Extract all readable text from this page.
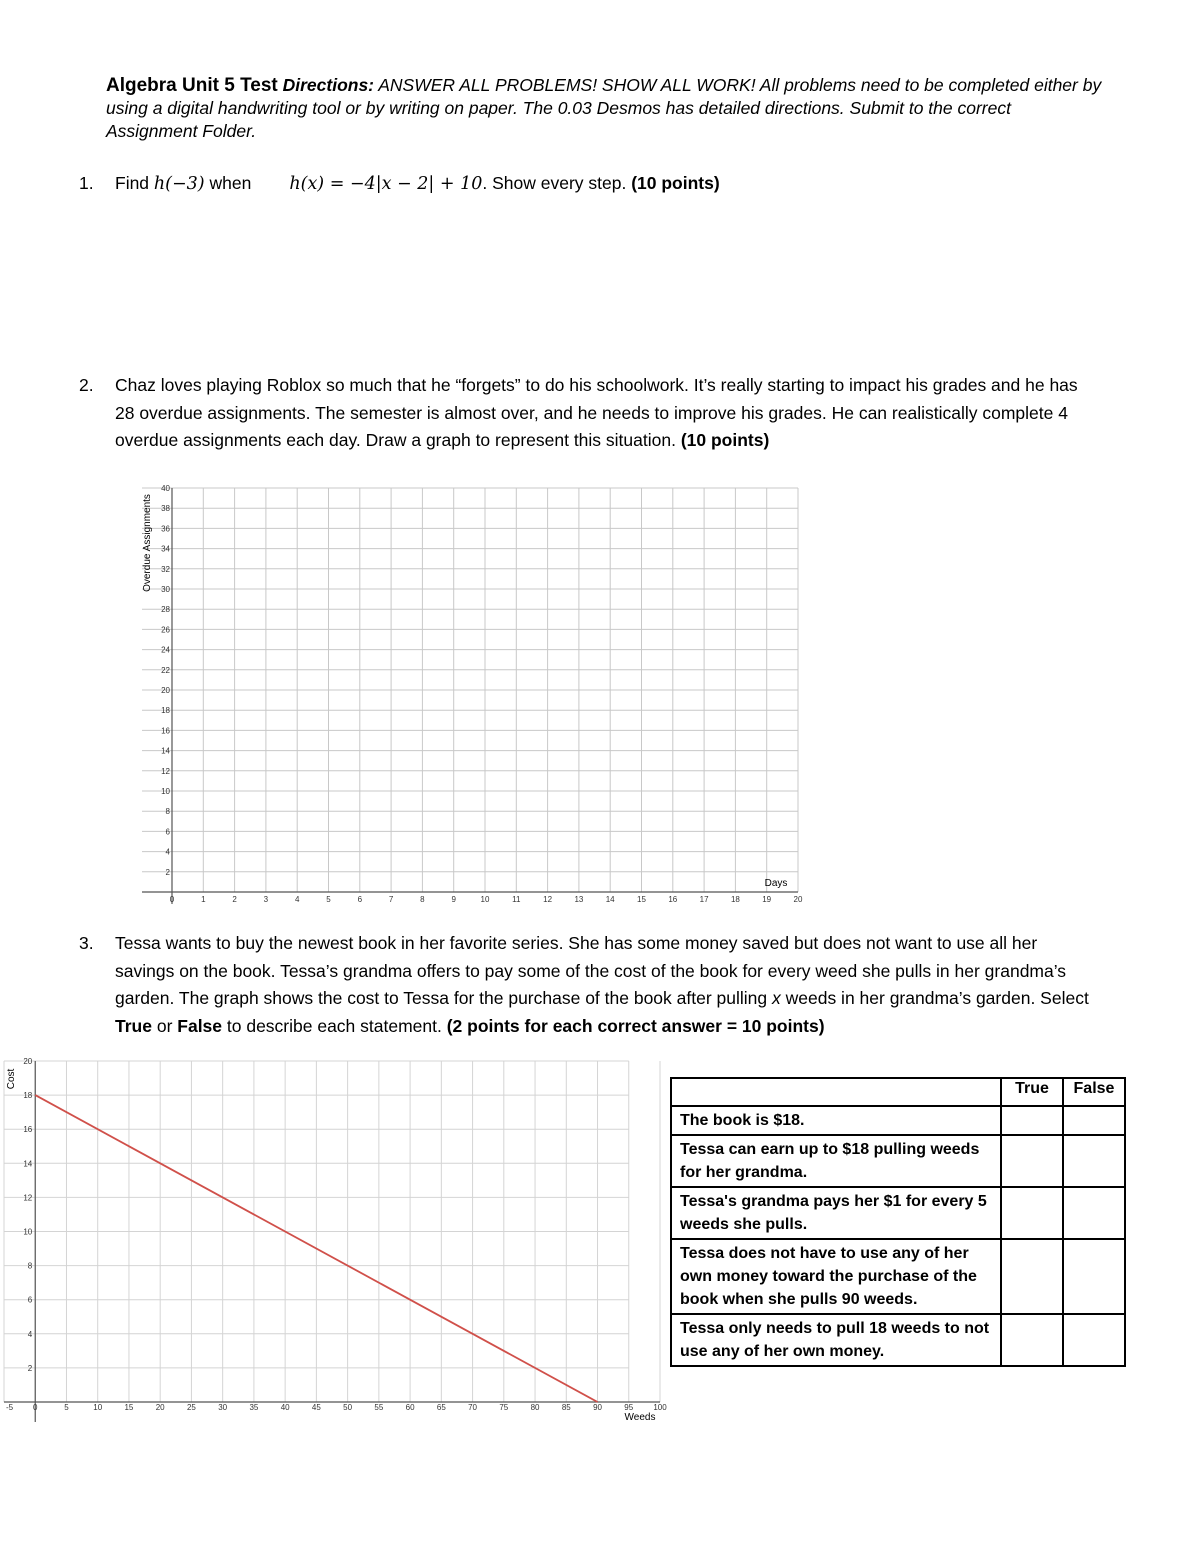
Algebra Unit 5 Test Directions: ANSWER ALL PROBLEMS! SHOW ALL WORK! All problems need to be completed either by using a digital handwriting tool or by writing on paper. The 0.03 Desmos has detailed directions. Submit to the correct Assignment Folder.
1. Find h(−3) when h(x) = −4|x − 2| + 10. Show every step. (10 points)
2. Chaz loves playing Roblox so much that he “forgets” to do his schoolwork. It’s really starting to impact his grades and he has 28 overdue assignments. The semester is almost over, and he needs to improve his grades. He can realistically complete 4 overdue assignments each day. Draw a graph to represent this situation. (10 points)
0	1	2	3	4	5	6	7	8	9	10	11	12	13	14	15	16	17	18	19	20
2
4
6
8
10
12
14
16
18
20
22
24
26
28
30
32
34
36
38
40
Days
Overdue Assignments
3. Tessa wants to buy the newest book in her favorite series. She has some money saved but does not want to use all her savings on the book. Tessa’s grandma offers to pay some of the cost of the book for every weed she pulls in her grandma’s garden. The graph shows the cost to Tessa for the purchase of the book after pulling x weeds in her grandma’s garden. Select True or False to describe each statement. (2 points for each correct answer = 10 points)
-5 0	5	10	15	20	25	30	35	40	45	50	55	60	65	70	75	80	85	90	95	100
2
4
6
8
10
12
14
16
18
20
Weeds
Cost
		True	False
The book is $18.		
Tessa can earn up to $18 pulling weeds for her grandma.		
Tessa's grandma pays her $1 for every 5 weeds she pulls.		
Tessa does not have to use any of her own money toward the purchase of the book when she pulls 90 weeds.		
Tessa only needs to pull 18 weeds to not use any of her own money.		
